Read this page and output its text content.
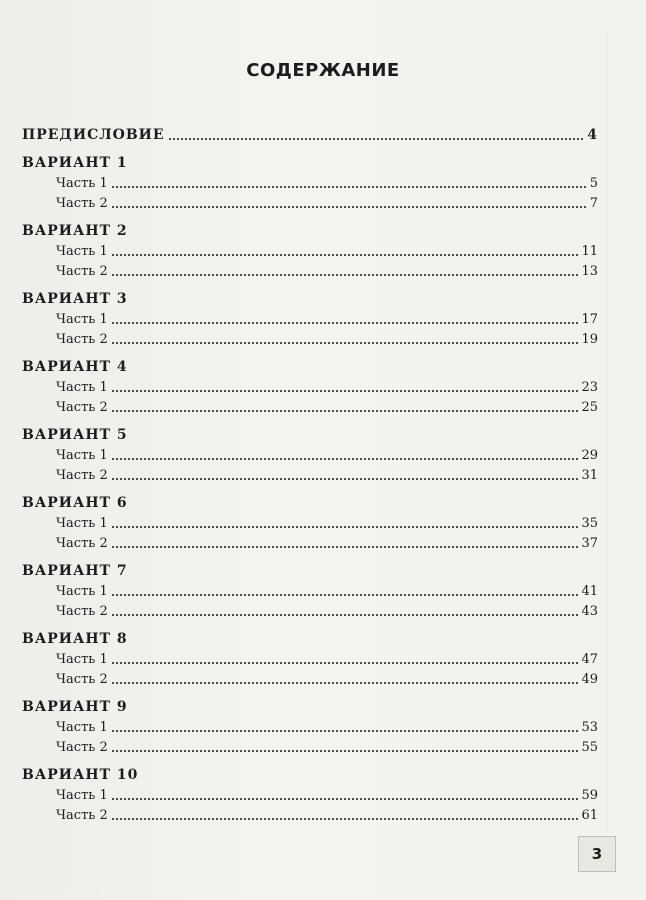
СОДЕРЖАНИЕ
ПРЕДИСЛОВИЕ	4
ВАРИАНТ 1
Часть 1	5
Часть 2	7
ВАРИАНТ 2
Часть 1	11
Часть 2	13
ВАРИАНТ 3
Часть 1	17
Часть 2	19
ВАРИАНТ 4
Часть 1	23
Часть 2	25
ВАРИАНТ 5
Часть 1	29
Часть 2	31
ВАРИАНТ 6
Часть 1	35
Часть 2	37
ВАРИАНТ 7
Часть 1	41
Часть 2	43
ВАРИАНТ 8
Часть 1	47
Часть 2	49
ВАРИАНТ 9
Часть 1	53
Часть 2	55
ВАРИАНТ 10
Часть 1	59
Часть 2	61
3
